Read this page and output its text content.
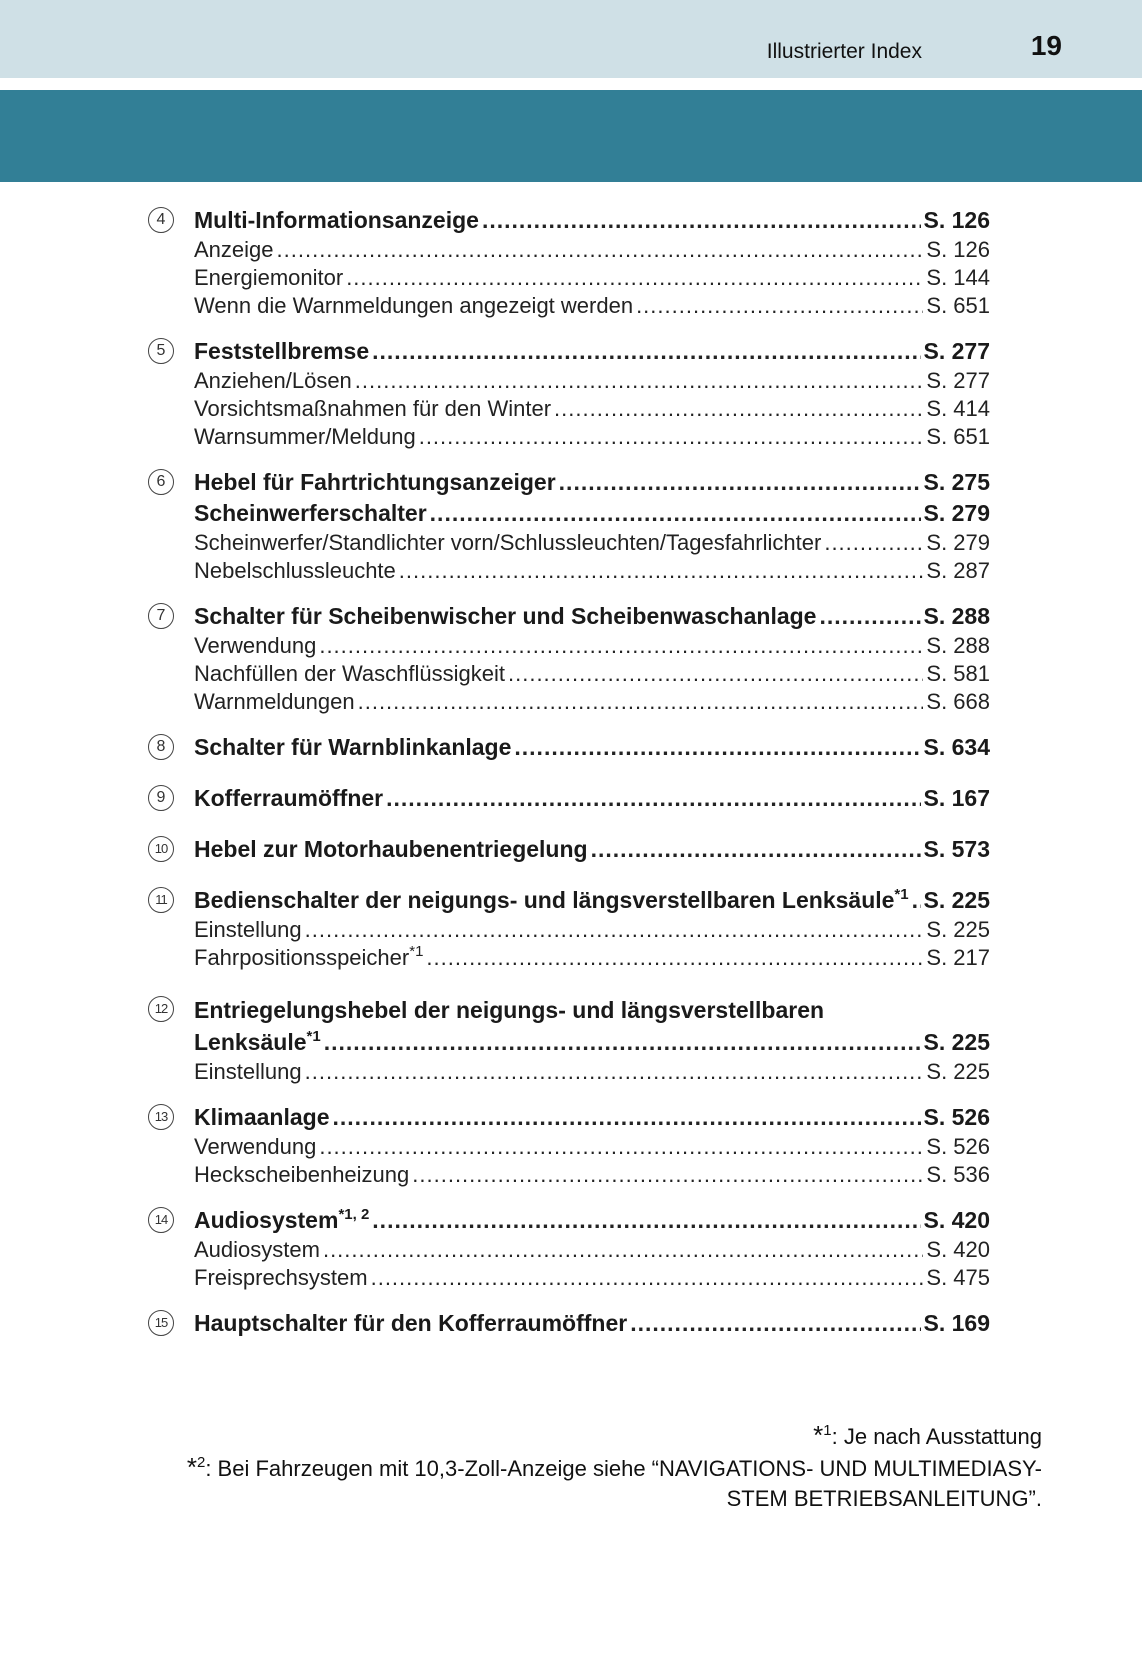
Illustrierter Index	19
4	Multi-Informationsanzeige .....	S. 126
Anzeige .....	S. 126
Energiemonitor .....	S. 144
Wenn die Warnmeldungen angezeigt werden .....	S. 651
5	Feststellbremse .....	S. 277
Anziehen/Lösen .....	S. 277
Vorsichtsmaßnahmen für den Winter .....	S. 414
Warnsummer/Meldung .....	S. 651
6	Hebel für Fahrtrichtungsanzeiger .....	S. 275
Scheinwerferschalter .....	S. 279
Scheinwerfer/Standlichter vorn/Schlussleuchten/Tagesfahrlichter .....	S. 279
Nebelschlussleuchte .....	S. 287
7	Schalter für Scheibenwischer und Scheibenwaschanlage .....	S. 288
Verwendung .....	S. 288
Nachfüllen der Waschflüssigkeit .....	S. 581
Warnmeldungen .....	S. 668
8	Schalter für Warnblinkanlage .....	S. 634
9	Kofferraumöffner .....	S. 167
10 Hebel zur Motorhaubenentriegelung .....	S. 573
11	Bedienschalter der neigungs- und längsverstellbaren Lenksäule$^{*1}$ ..... S. 225
Einstellung .....	S. 225
Fahrpositionsspeicher$^{*1}$ .....	S. 217
12 Entriegelungshebel der neigungs- und längsverstellbaren
Lenksäule$^{*1}$ .....	S. 225
Einstellung .....	S. 225
13 Klimaanlage .....	S. 526
Verwendung .....	S. 526
Heckscheibenheizung .....	S. 536
14 Audiosystem$^{*1, 2}$ .....	S. 420
Audiosystem .....	S. 420
Freisprechsystem .....	S. 475
15 Hauptschalter für den Kofferraumöffner .....	S. 169
*$^1$: Je nach Ausstattung
*$^2$: Bei Fahrzeugen mit 10,3-Zoll-Anzeige siehe “NAVIGATIONS- UND MULTIMEDIASY-
STEM BETRIEBSANLEITUNG”.
